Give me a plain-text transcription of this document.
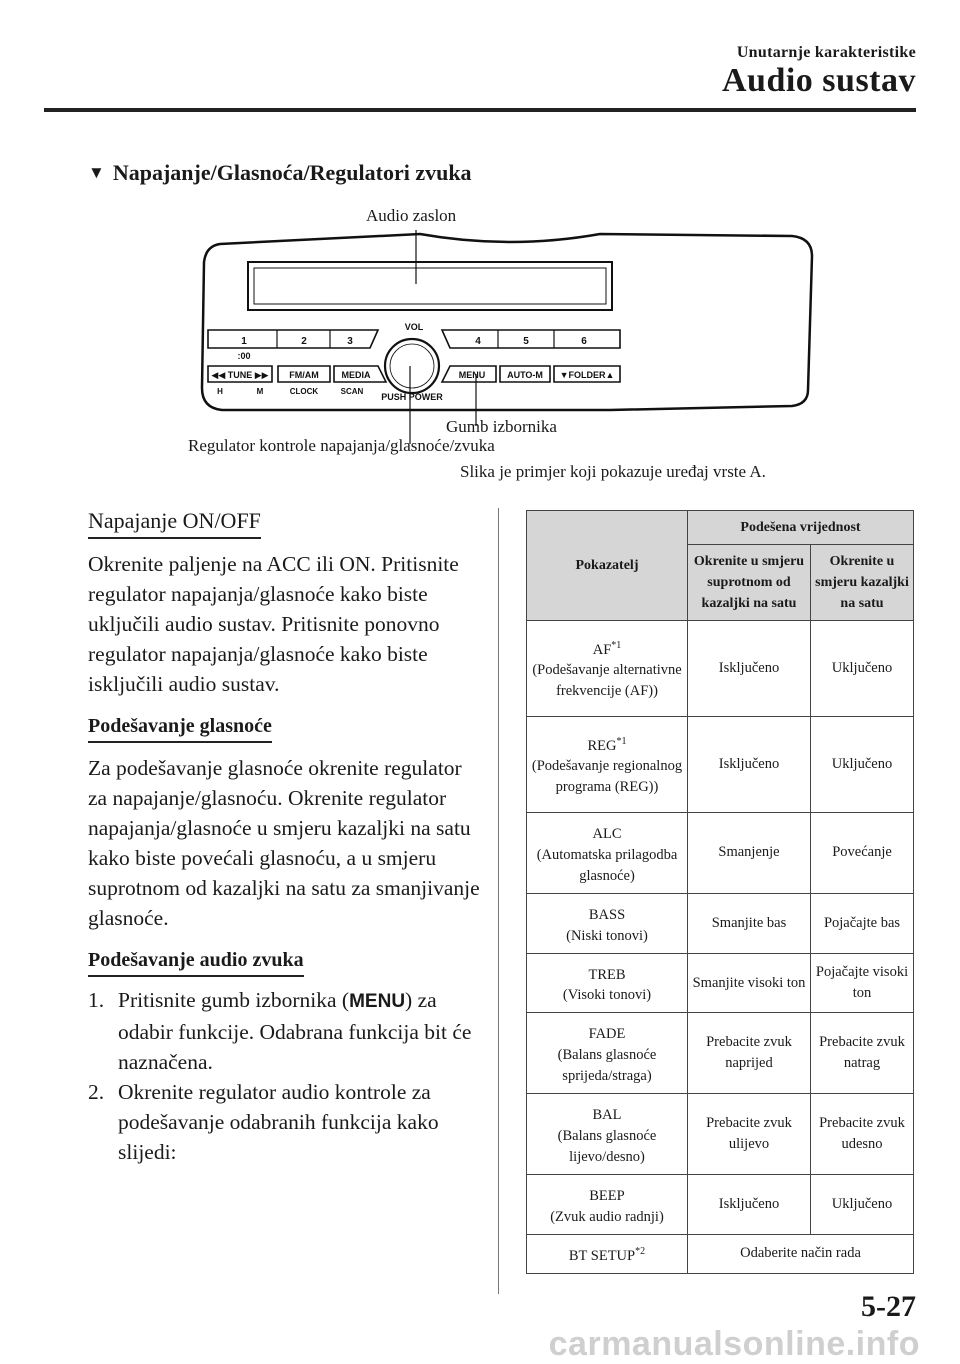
Unutarnje karakteristike
Audio sustav
▼ Napajanje/Glasnoća/Regulatori zvuka
1	2	3
:00
4	5	6
VOL
PUSH POWER
◀◀ TUNE ▶▶ FM/AM	MEDIA
H	M	CLOCK	SCAN
MENU AUTO-M ▼FOLDER▲
Audio zaslon
Gumb izbornika
Regulator kontrole napajanja/glasnoće/zvuka
Slika je primjer koji pokazuje uređaj vrste A.
Napajanje ON/OFF

Okrenite paljenje na ACC ili ON. Pritisnite regulator napajanja/glasnoće kako biste uključili audio sustav. Pritisnite ponovno regulator napajanja/glasnoće kako biste isključili audio sustav.

Podešavanje glasnoće

Za podešavanje glasnoće okrenite regulator za napajanje/glasnoću. Okrenite regulator napajanja/glasnoće u smjeru kazaljki na satu kako biste povećali glasnoću, a u smjeru suprotnom od kazaljki na satu za smanjivanje glasnoće.

Podešavanje audio zvuka
1. Pritisnite gumb izbornika (MENU) za odabir funkcije. Odabrana funkcija bit će naznačena.
2. Okrenite regulator audio kontrole za podešavanje odabranih funkcija kako slijedi:
Pokazatelj	Podešena vrijednost	
	Okrenite u smjeru suprotnom od kazaljki na satu	Okrenite u smjeru kazaljki na satu
AF$^{*1}$
(Podešavanje alternativne frekvencije (AF))	Isključeno	Uključeno
REG$^{*1}$
(Podešavanje regionalnog programa (REG))	Isključeno	Uključeno
ALC
(Automatska prilagodba glasnoće)	Smanjenje	Povećanje
BASS
(Niski tonovi)	Smanjite bas	Pojačajte bas
TREB
(Visoki tonovi)	Smanjite visoki ton	Pojačajte visoki ton
FADE
(Balans glasnoće sprijeda/straga)	Prebacite zvuk naprijed	Prebacite zvuk natrag
BAL
(Balans glasnoće lijevo/desno)	Prebacite zvuk ulijevo	Prebacite zvuk udesno
BEEP
(Zvuk audio radnji)	Isključeno	Uključeno
BT SETUP$^{*2}$	Odaberite način rada	
5-27
carmanualsonline.info
